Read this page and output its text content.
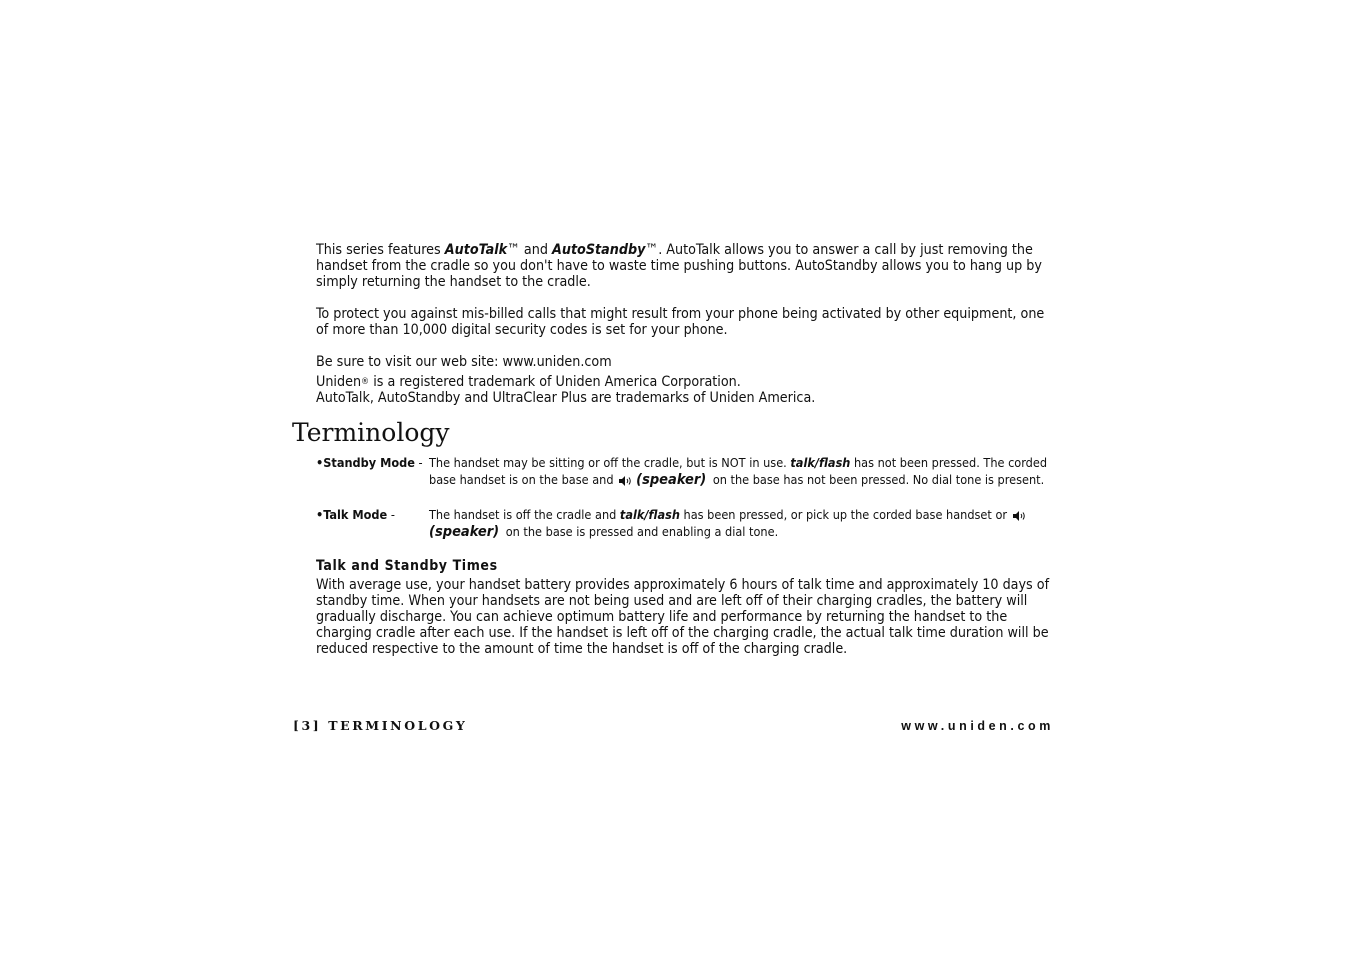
This series features AutoTalk™ and AutoStandby™. AutoTalk allows you to answer a call by just removing the handset from the cradle so you don't have to waste time pushing buttons. AutoStandby allows you to hang up by simply returning the handset to the cradle.

To protect you against mis-billed calls that might result from your phone being activated by other equipment, one of more than 10,000 digital security codes is set for your phone.

Be sure to visit our web site: www.uniden.com

Uniden® is a registered trademark of Uniden America Corporation.

AutoTalk, AutoStandby and UltraClear Plus are trademarks of Uniden America.

Terminology
•Standby Mode - The handset may be sitting or off the cradle, but is NOT in use. talk/flash has not been pressed. The corded base handset is on the base and (speaker) on the base has not been pressed. No dial tone is present.
•Talk Mode -	The handset is off the cradle and talk/flash has been pressed, or pick up the corded base handset or (speaker) on the base is pressed and enabling a dial tone.
Talk and Standby Times

With average use, your handset battery provides approximately 6 hours of talk time and approximately 10 days of standby time. When your handsets are not being used and are left off of their charging cradles, the battery will gradually discharge. You can achieve optimum battery life and performance by returning the handset to the charging cradle after each use. If the handset is left off of the charging cradle, the actual talk time duration will be reduced respective to the amount of time the handset is off of the charging cradle.

[3] TERMINOLOGY	www.uniden.com
